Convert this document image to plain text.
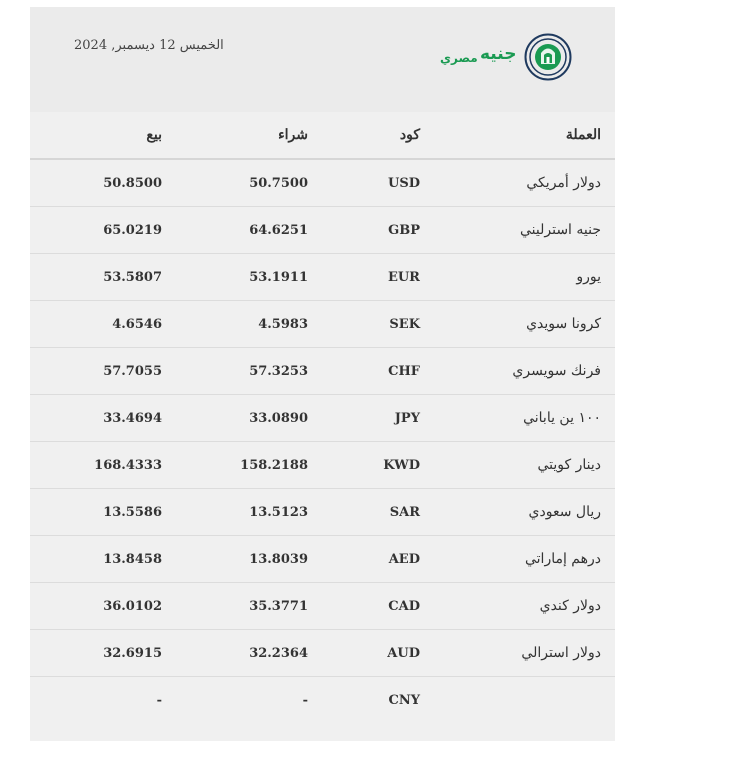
الخميس 12 ديسمبر, 2024
مصري جنيه
بيع	شراء	كود	العملة
50.8500	50.7500	USD	دولار أمريكي
65.0219	64.6251	GBP	جنيه استرليني
53.5807	53.1911	EUR	يورو
4.6546	4.5983	SEK	كرونا سويدي
57.7055	57.3253	CHF	فرنك سويسري
33.4694	33.0890	JPY	١٠٠ ين ياباني
168.4333	158.2188	KWD	دينار كويتي
13.5586	13.5123	SAR	ريال سعودي
13.8458	13.8039	AED	درهم إماراتي
36.0102	35.3771	CAD	دولار كندي
32.6915	32.2364	AUD	دولار استرالي
-	-	CNY	
